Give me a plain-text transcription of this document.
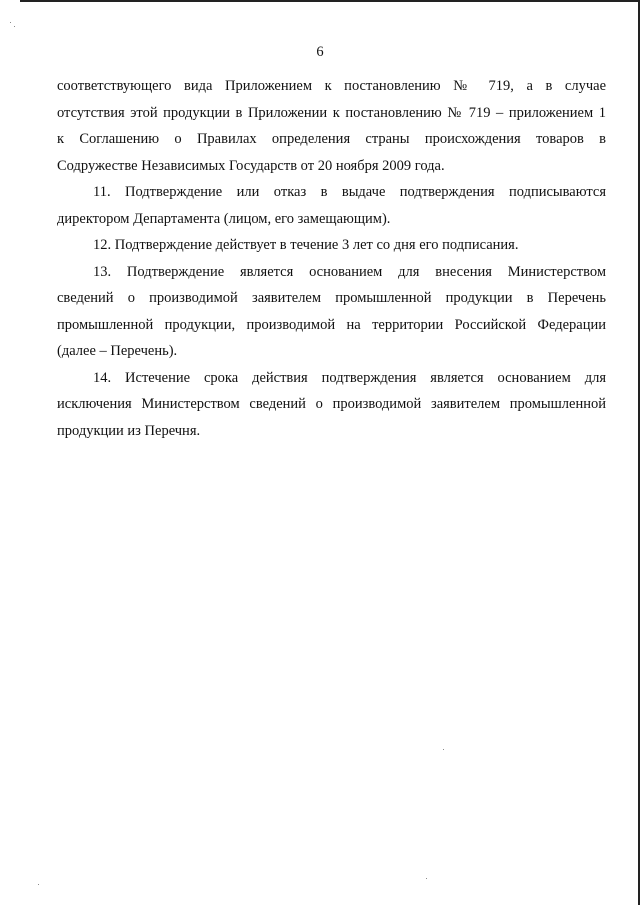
6

соответствующего вида Приложением к постановлению № 719, а в случае
отсутствия этой продукции в Приложении к постановлению № 719 – приложением 1
к Соглашению о Правилах определения страны происхождения товаров в
Содружестве Независимых Государств от 20 ноября 2009 года.

11. Подтверждение или отказ в выдаче подтверждения подписываются
директором Департамента (лицом, его замещающим).

12. Подтверждение действует в течение 3 лет со дня его подписания.

13. Подтверждение является основанием для внесения Министерством
сведений о производимой заявителем промышленной продукции в Перечень
промышленной продукции, производимой на территории Российской Федерации
(далее – Перечень).

14. Истечение срока действия подтверждения является основанием для
исключения Министерством сведений о производимой заявителем промышленной
продукции из Перечня.
